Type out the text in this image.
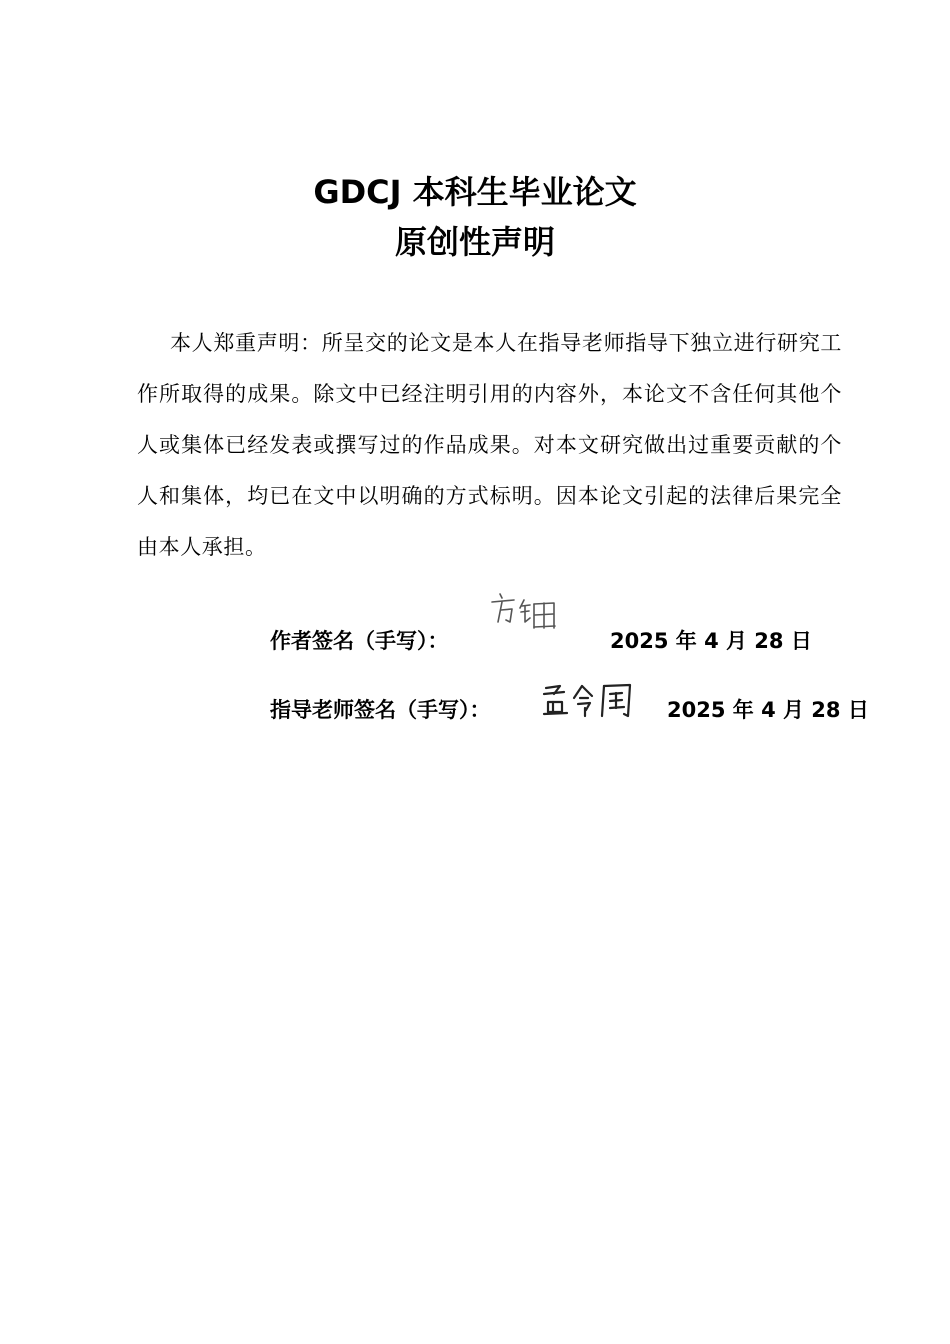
GDCJ 本科生毕业论文
原创性声明
本人郑重声明：所呈交的论文是本人在指导老师指导下独立进行研究工作所取得的成果。除文中已经注明引用的内容外，本论文不含任何其他个人或集体已经发表或撰写过的作品成果。对本文研究做出过重要贡献的个人和集体，均已在文中以明确的方式标明。因本论文引起的法律后果完全由本人承担。
作者签名（手写）：	2025 年 4 月 28 日
指导老师签名（手写）：	2025 年 4 月 28 日
